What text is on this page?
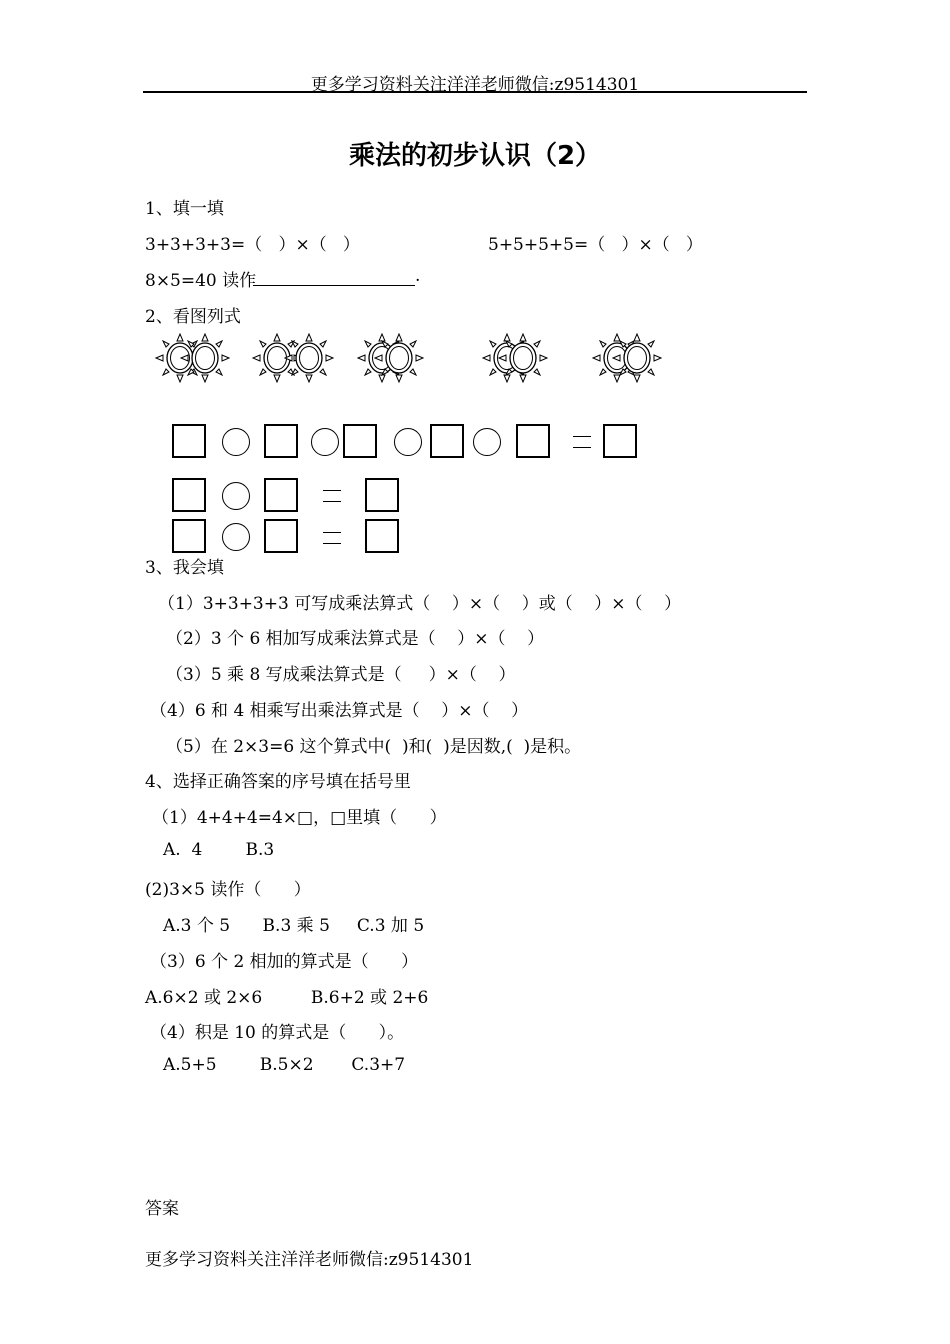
更多学习资料关注洋洋老师微信:z9514301
乘法的初步认识（2）
1、填一填
3+3+3+3=（   ）×（   ）	5+5+5+5=（   ）×（   ）
8×5=40 读作	.
2、看图列式
3、我会填
（1）3+3+3+3 可写成乘法算式（    ）×（    ）或（    ）×（    ）
（2）3 个 6 相加写成乘法算式是（    ）×（    ）
（3）5 乘 8 写成乘法算式是（     ）×（    ）
（4）6 和 4 相乘写出乘法算式是（    ）×（    ）
（5）在 2×3=6 这个算式中(  )和(  )是因数,(  )是积。
4、选择正确答案的序号填在括号里
（1）4+4+4=4×□，□里填（      ）
A.  4        B.3
(2)3×5 读作（      ）
A.3 个 5      B.3 乘 5     C.3 加 5
（3）6 个 2 相加的算式是（      ）
A.6×2 或 2×6         B.6+2 或 2+6
（4）积是 10 的算式是（      ）。
A.5+5        B.5×2       C.3+7
答案
更多学习资料关注洋洋老师微信:z9514301
